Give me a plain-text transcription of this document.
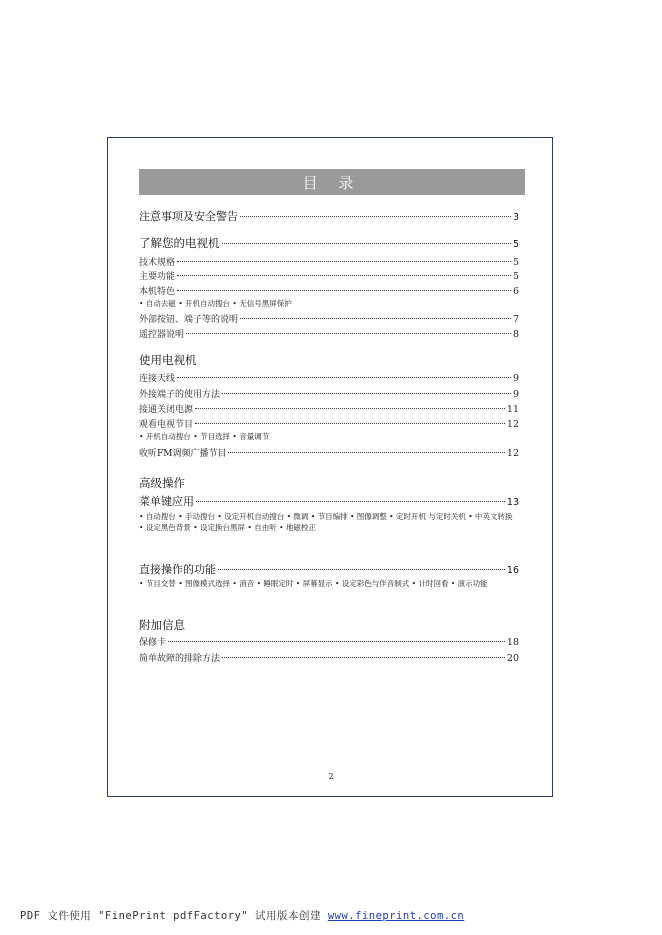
目 录
注意事项及安全警告	3
了解您的电视机	5
技术规格	5
主要功能	5
本机特色	6
• 自动去磁 • 开机自动搜台 • 无信号黑屏保护
外部按钮、端子等的说明	7
遥控器说明	8
使用电视机
连接天线	9
外接端子的使用方法	9
接通关闭电源	11
观看电视节目	12
• 开机自动搜台 • 节目选择 • 音量调节
收听FM调频广播节目	12
高级操作
菜单键应用	13
• 自动搜台 • 手动搜台 • 设定开机自动搜台 • 微调 • 节目编排 • 图像调整 • 定时开机 与定时关机 • 中英文转换 • 设定黑色背景 • 设定换台黑屏 • 自由听 • 地磁校正
直接操作的功能	16
• 节目交替 • 图像模式选择 • 消音 • 睡眠定时 • 屏幕显示 • 设定彩色与伴音制式 • 计时回看 • 演示功能
附加信息
保修卡	18
简单故障的排除方法	20
2
PDF 文件使用 "FinePrint pdfFactory" 试用版本创建 www.fineprint.com.cn
